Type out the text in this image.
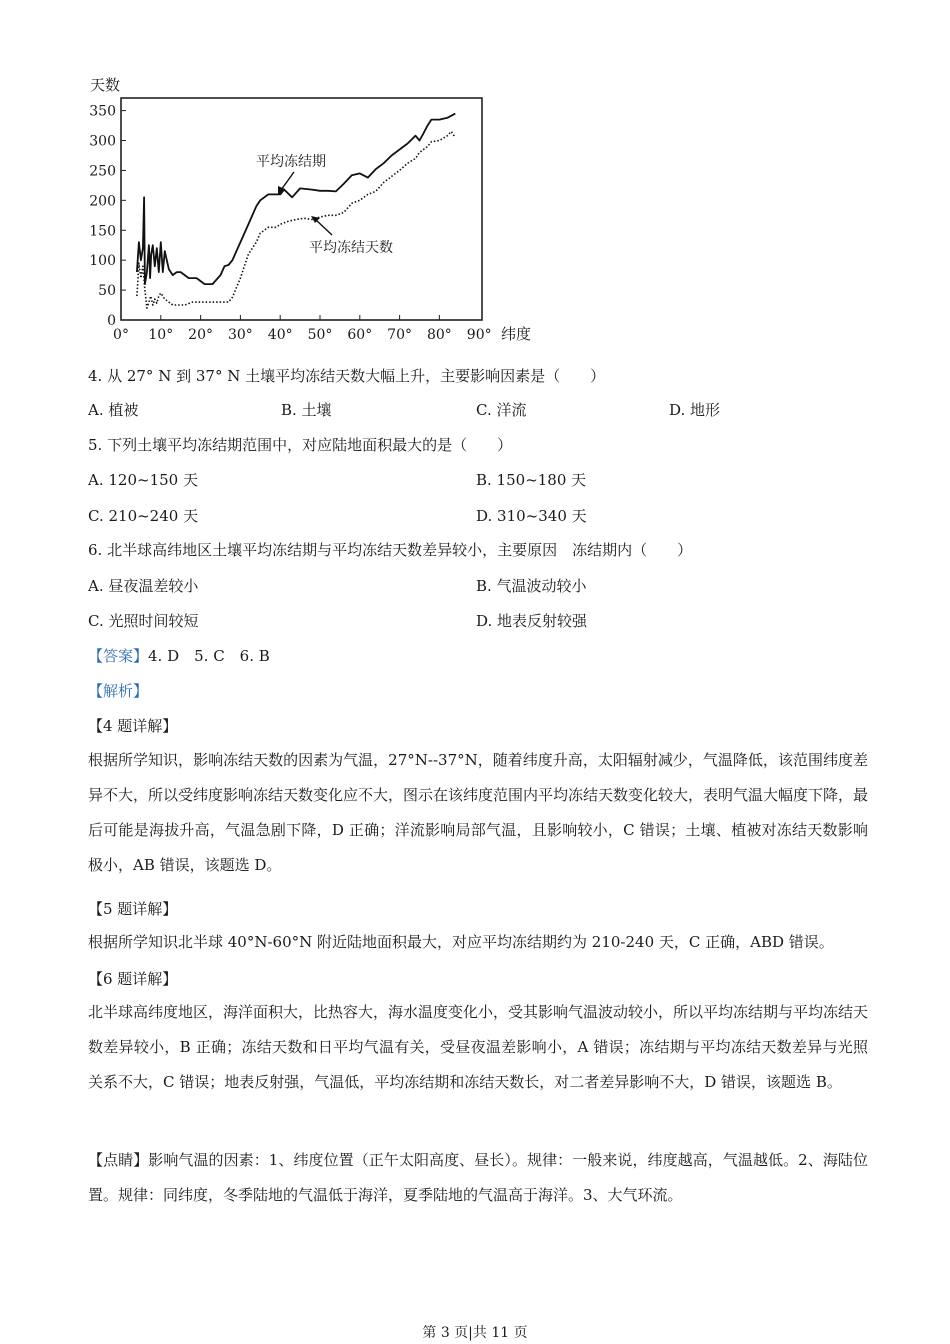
天数
350
300
250
200
150
100
50
0
0° 10° 20° 30° 40° 50° 60° 70° 80° 90° 纬度
平均冻结期
平均冻结天数
4. 从 27° N 到 37° N 土壤平均冻结天数大幅上升，主要影响因素是（　　）
A. 植被	B. 土壤	C. 洋流	D. 地形
5. 下列土壤平均冻结期范围中，对应陆地面积最大的是（　　）
A. 120~150 天	B. 150~180 天
C. 210~240 天	D. 310~340 天
6. 北半球高纬地区土壤平均冻结期与平均冻结天数差异较小，主要原因　冻结期内（　　）
A. 昼夜温差较小	B. 气温波动较小
C. 光照时间较短	D. 地表反射较强
【答案】4. D　5. C　6. B
【解析】
【4 题详解】
根据所学知识，影响冻结天数的因素为气温，27°N--37°N，随着纬度升高，太阳辐射减少，气温降低，该范围纬度差异不大，所以受纬度影响冻结天数变化应不大，图示在该纬度范围内平均冻结天数变化较大，表明气温大幅度下降，最后可能是海拔升高，气温急剧下降，D 正确；洋流影响局部气温，且影响较小，C 错误；土壤、植被对冻结天数影响极小，AB 错误，该题选 D。
【5 题详解】
根据所学知识北半球 40°N-60°N 附近陆地面积最大，对应平均冻结期约为 210-240 天，C 正确，ABD 错误。
【6 题详解】
北半球高纬度地区，海洋面积大，比热容大，海水温度变化小，受其影响气温波动较小，所以平均冻结期与平均冻结天数差异较小，B 正确；冻结天数和日平均气温有关，受昼夜温差影响小，A 错误；冻结期与平均冻结天数差异与光照关系不大，C 错误；地表反射强，气温低，平均冻结期和冻结天数长，对二者差异影响不大，D 错误，该题选 B。
【点睛】影响气温的因素：1、纬度位置（正午太阳高度、昼长）。规律：一般来说，纬度越高，气温越低。2、海陆位置。规律：同纬度，冬季陆地的气温低于海洋，夏季陆地的气温高于海洋。3、大气环流。
第 3 页|共 11 页
